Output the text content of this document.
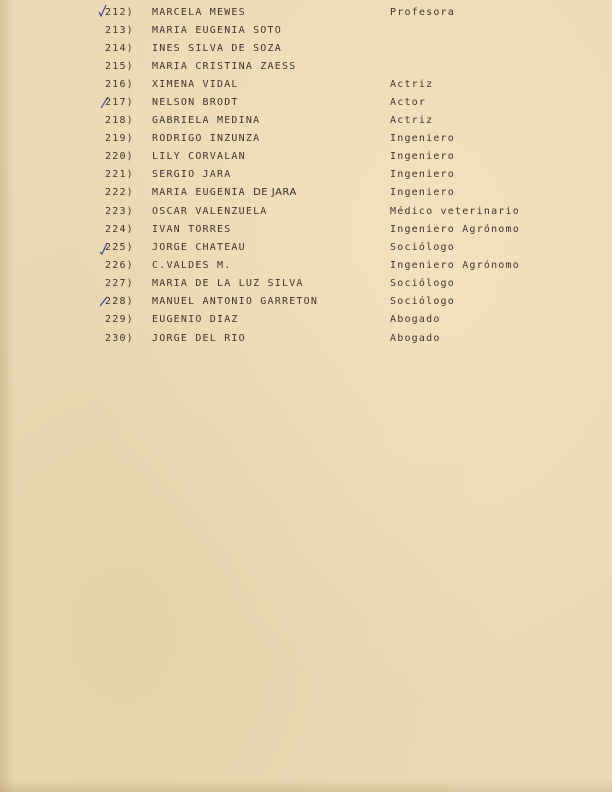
212)	MARCELA MEWES	Profesora
213)	MARIA EUGENIA SOTO
214)	INES SILVA DE SOZA
215)	MARIA CRISTINA ZAESS
216)	XIMENA VIDAL	Actriz
217)	NELSON BRODT	Actor
218)	GABRIELA MEDINA	Actriz
219)	RODRIGO INZUNZA	Ingeniero
220)	LILY CORVALAN	Ingeniero
221)	SERGIO JARA	Ingeniero
222)	MARIA EUGENIA DE JARA	Ingeniero
223)	OSCAR VALENZUELA	Médico veterinario
224)	IVAN TORRES	Ingeniero Agrónomo
225)	JORGE CHATEAU	Sociólogo
226)	C.VALDES M.	Ingeniero Agrónomo
227)	MARIA DE LA LUZ SILVA	Sociólogo
228)	MANUEL ANTONIO GARRETON	Sociólogo
229)	EUGENIO DIAZ	Abogado
230)	JORGE DEL RIO	Abogado
